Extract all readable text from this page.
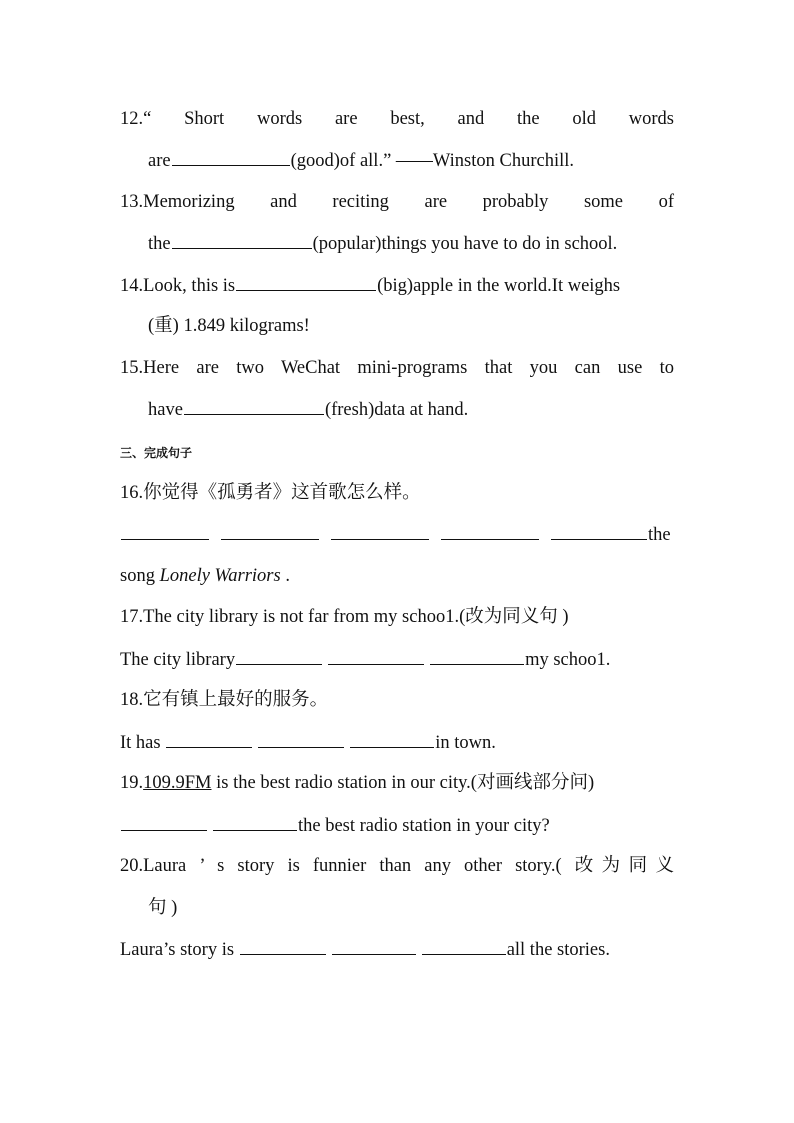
12.“ Short words are best, and the old words
are	(good)of all.” ——Winston Churchill.
13.Memorizing and reciting are probably some of
the	(popular)things you have to do in school.
14.Look, this is	(big)apple in the world.It weighs
(重) 1.849 kilograms!
15.Here are two WeChat mini-programs that you can use to
have	(fresh)data at hand.
三、完成句子
16.你觉得《孤勇者》这首歌怎么样。
the
song Lonely Warriors .
17.The city library is not far from my schoo1.(改为同义句 )
The city library	my schoo1.
18.它有镇上最好的服务。
It has	in town.
19.109.9FM is the best radio station in our city.(对画线部分问)
the best radio station in your city?
20.Laura ’ s story is funnier than any other story.( 改为同义
句 )
Laura’s story is	all the stories.
